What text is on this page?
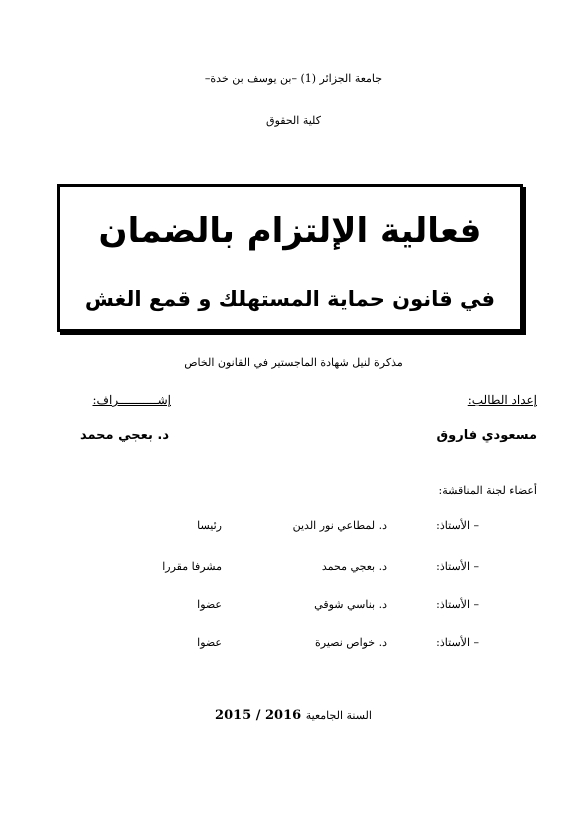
جامعة الجزائر (1) –بن يوسف بن خدة–
كلية الحقوق
فعالية الإلتزام بالضمان
في قانون حماية المستهلك و قمع الغش
مذكرة لنيل شهادة الماجستير في القانون الخاص
إعداد الطالب:
إشـــــــــــراف:
مسعودي فاروق
د. بعجي محمد
أعضاء لجنة المناقشة:
– الأستاذ:
د. لمطاعي نور الدين
رئيسا
– الأستاذ:
د. بعجي محمد
مشرفا مقررا
– الأستاذ:
د. بناسي شوقي
عضوا
– الأستاذ:
د. خواص نصيرة
عضوا
السنة الجامعية 2015 / 2016
